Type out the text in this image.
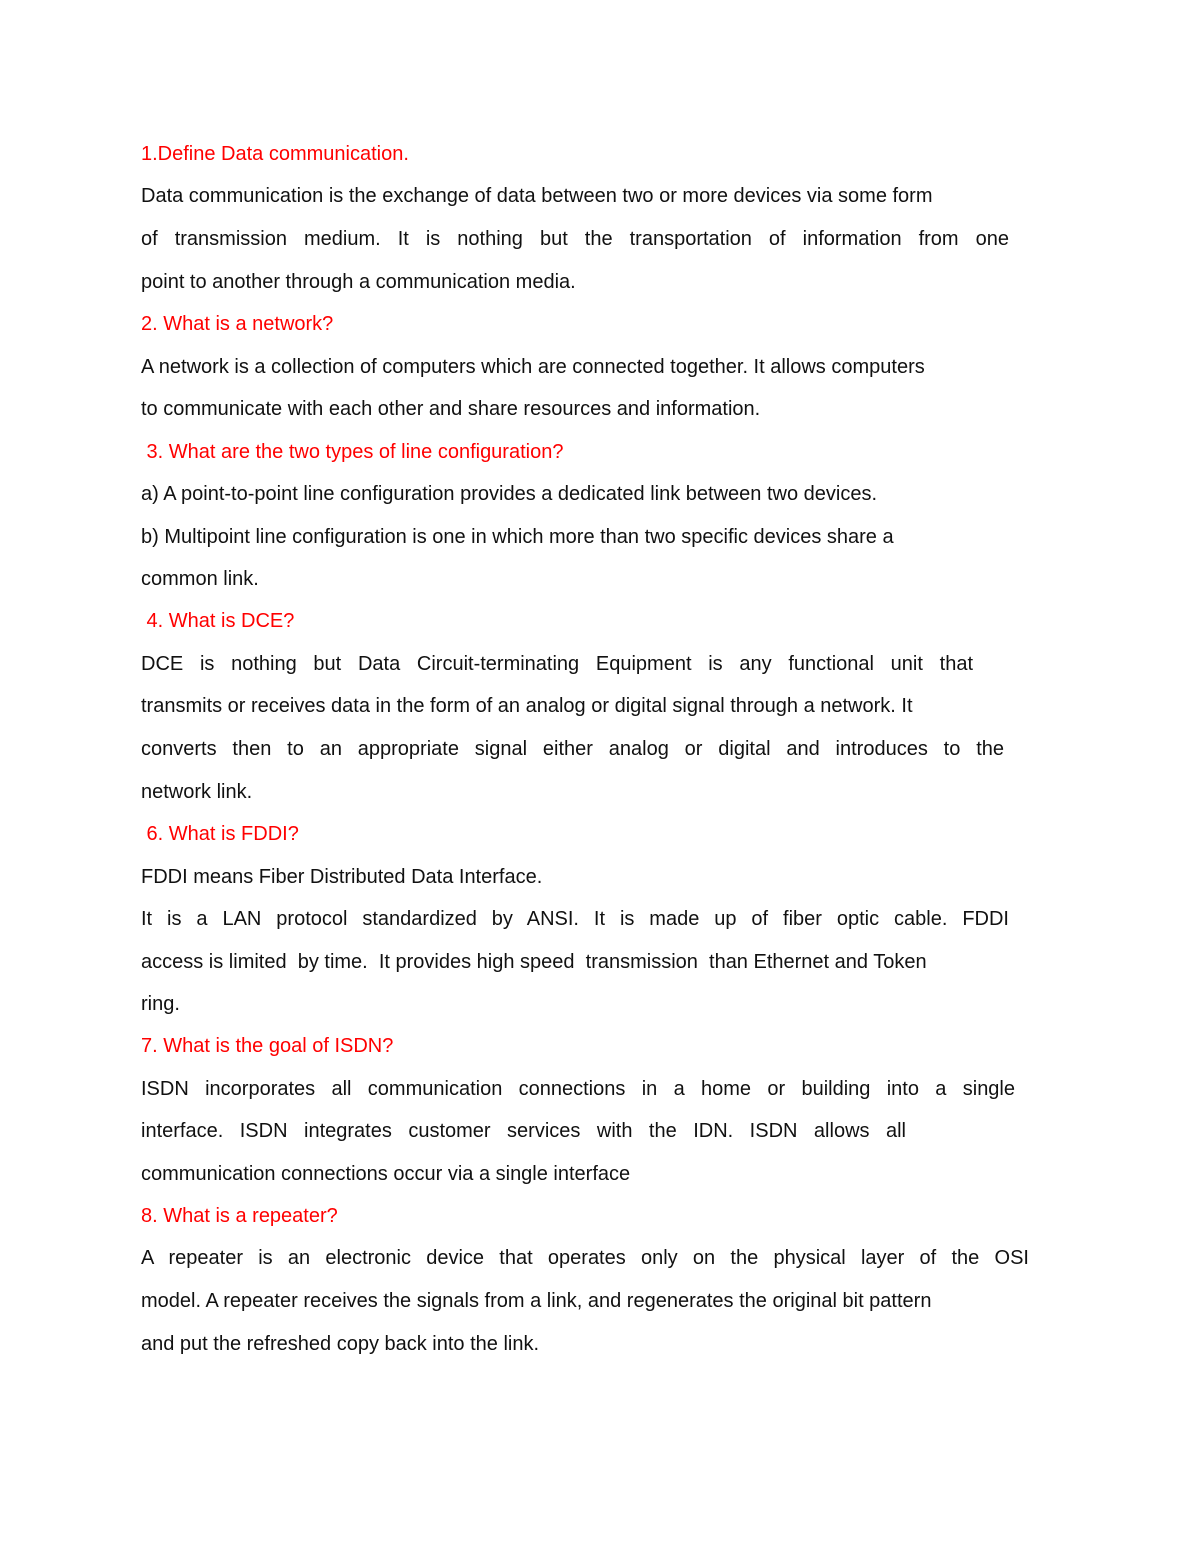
1.Define Data communication.

Data communication is the exchange of data between two or more devices via some form

of transmission medium. It is nothing but the transportation of information from one

point to another through a communication media.

2. What is a network?

A network is a collection of computers which are connected together. It allows computers

to communicate with each other and share resources and information.

3. What are the two types of line configuration?

a) A point-to-point line configuration provides a dedicated link between two devices.

b) Multipoint line configuration is one in which more than two specific devices share a

common link.

4. What is DCE?

DCE is nothing but Data Circuit-terminating Equipment is any functional unit that

transmits or receives data in the form of an analog or digital signal through a network. It

converts then to an appropriate signal either analog or digital and introduces to the

network link.

6. What is FDDI?

FDDI means Fiber Distributed Data Interface.

It is a LAN protocol standardized by ANSI. It is made up of fiber optic cable. FDDI

access is limited  by time.  It provides high speed  transmission  than Ethernet and Token

ring.

7. What is the goal of ISDN?

ISDN incorporates all communication connections in a home or building into a single

interface. ISDN integrates customer services with the IDN. ISDN allows all

communication connections occur via a single interface

8. What is a repeater?

A repeater is an electronic device that operates only on the physical layer of the OSI

model. A repeater receives the signals from a link, and regenerates the original bit pattern

and put the refreshed copy back into the link.
